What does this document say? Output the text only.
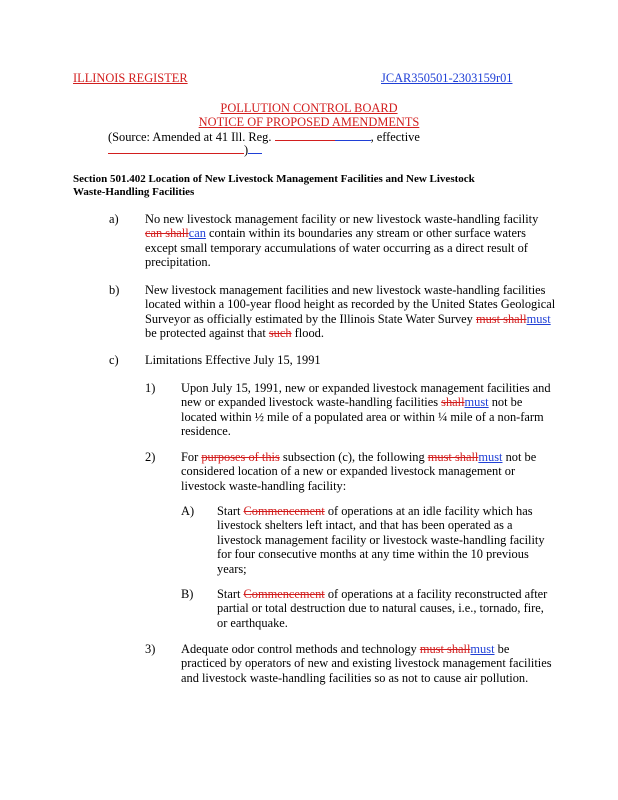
ILLINOIS REGISTER	JCAR350501-2303159r01
POLLUTION CONTROL BOARD
NOTICE OF PROPOSED AMENDMENTS
(Source: Amended at 41 Ill. Reg.	, effective
)
Section 501.402 Location of New Livestock Management Facilities and New Livestock
Waste-Handling Facilities
a) No new livestock management facility or new livestock waste-handling facility
can shallcan contain within its boundaries any stream or other surface waters
except small temporary accumulations of water occurring as a direct result of
precipitation.
b) New livestock management facilities and new livestock waste-handling facilities
located within a 100-year flood height as recorded by the United States Geological
Surveyor as officially estimated by the Illinois State Water Survey must shallmust
be protected against that such flood.
c) Limitations Effective July 15, 1991
1) Upon July 15, 1991, new or expanded livestock management facilities and
new or expanded livestock waste-handling facilities shallmust not be
located within ½ mile of a populated area or within ¼ mile of a non-farm
residence.
2) For purposes of this subsection (c), the following must shallmust not be
considered location of a new or expanded livestock management or
livestock waste-handling facility:
A) Start Commencement of operations at an idle facility which has
livestock shelters left intact, and that has been operated as a
livestock management facility or livestock waste-handling facility
for four consecutive months at any time within the 10 previous
years;
B) Start Commencement of operations at a facility reconstructed after
partial or total destruction due to natural causes, i.e., tornado, fire,
or earthquake.
3) Adequate odor control methods and technology must shallmust be
practiced by operators of new and existing livestock management facilities
and livestock waste-handling facilities so as not to cause air pollution.
